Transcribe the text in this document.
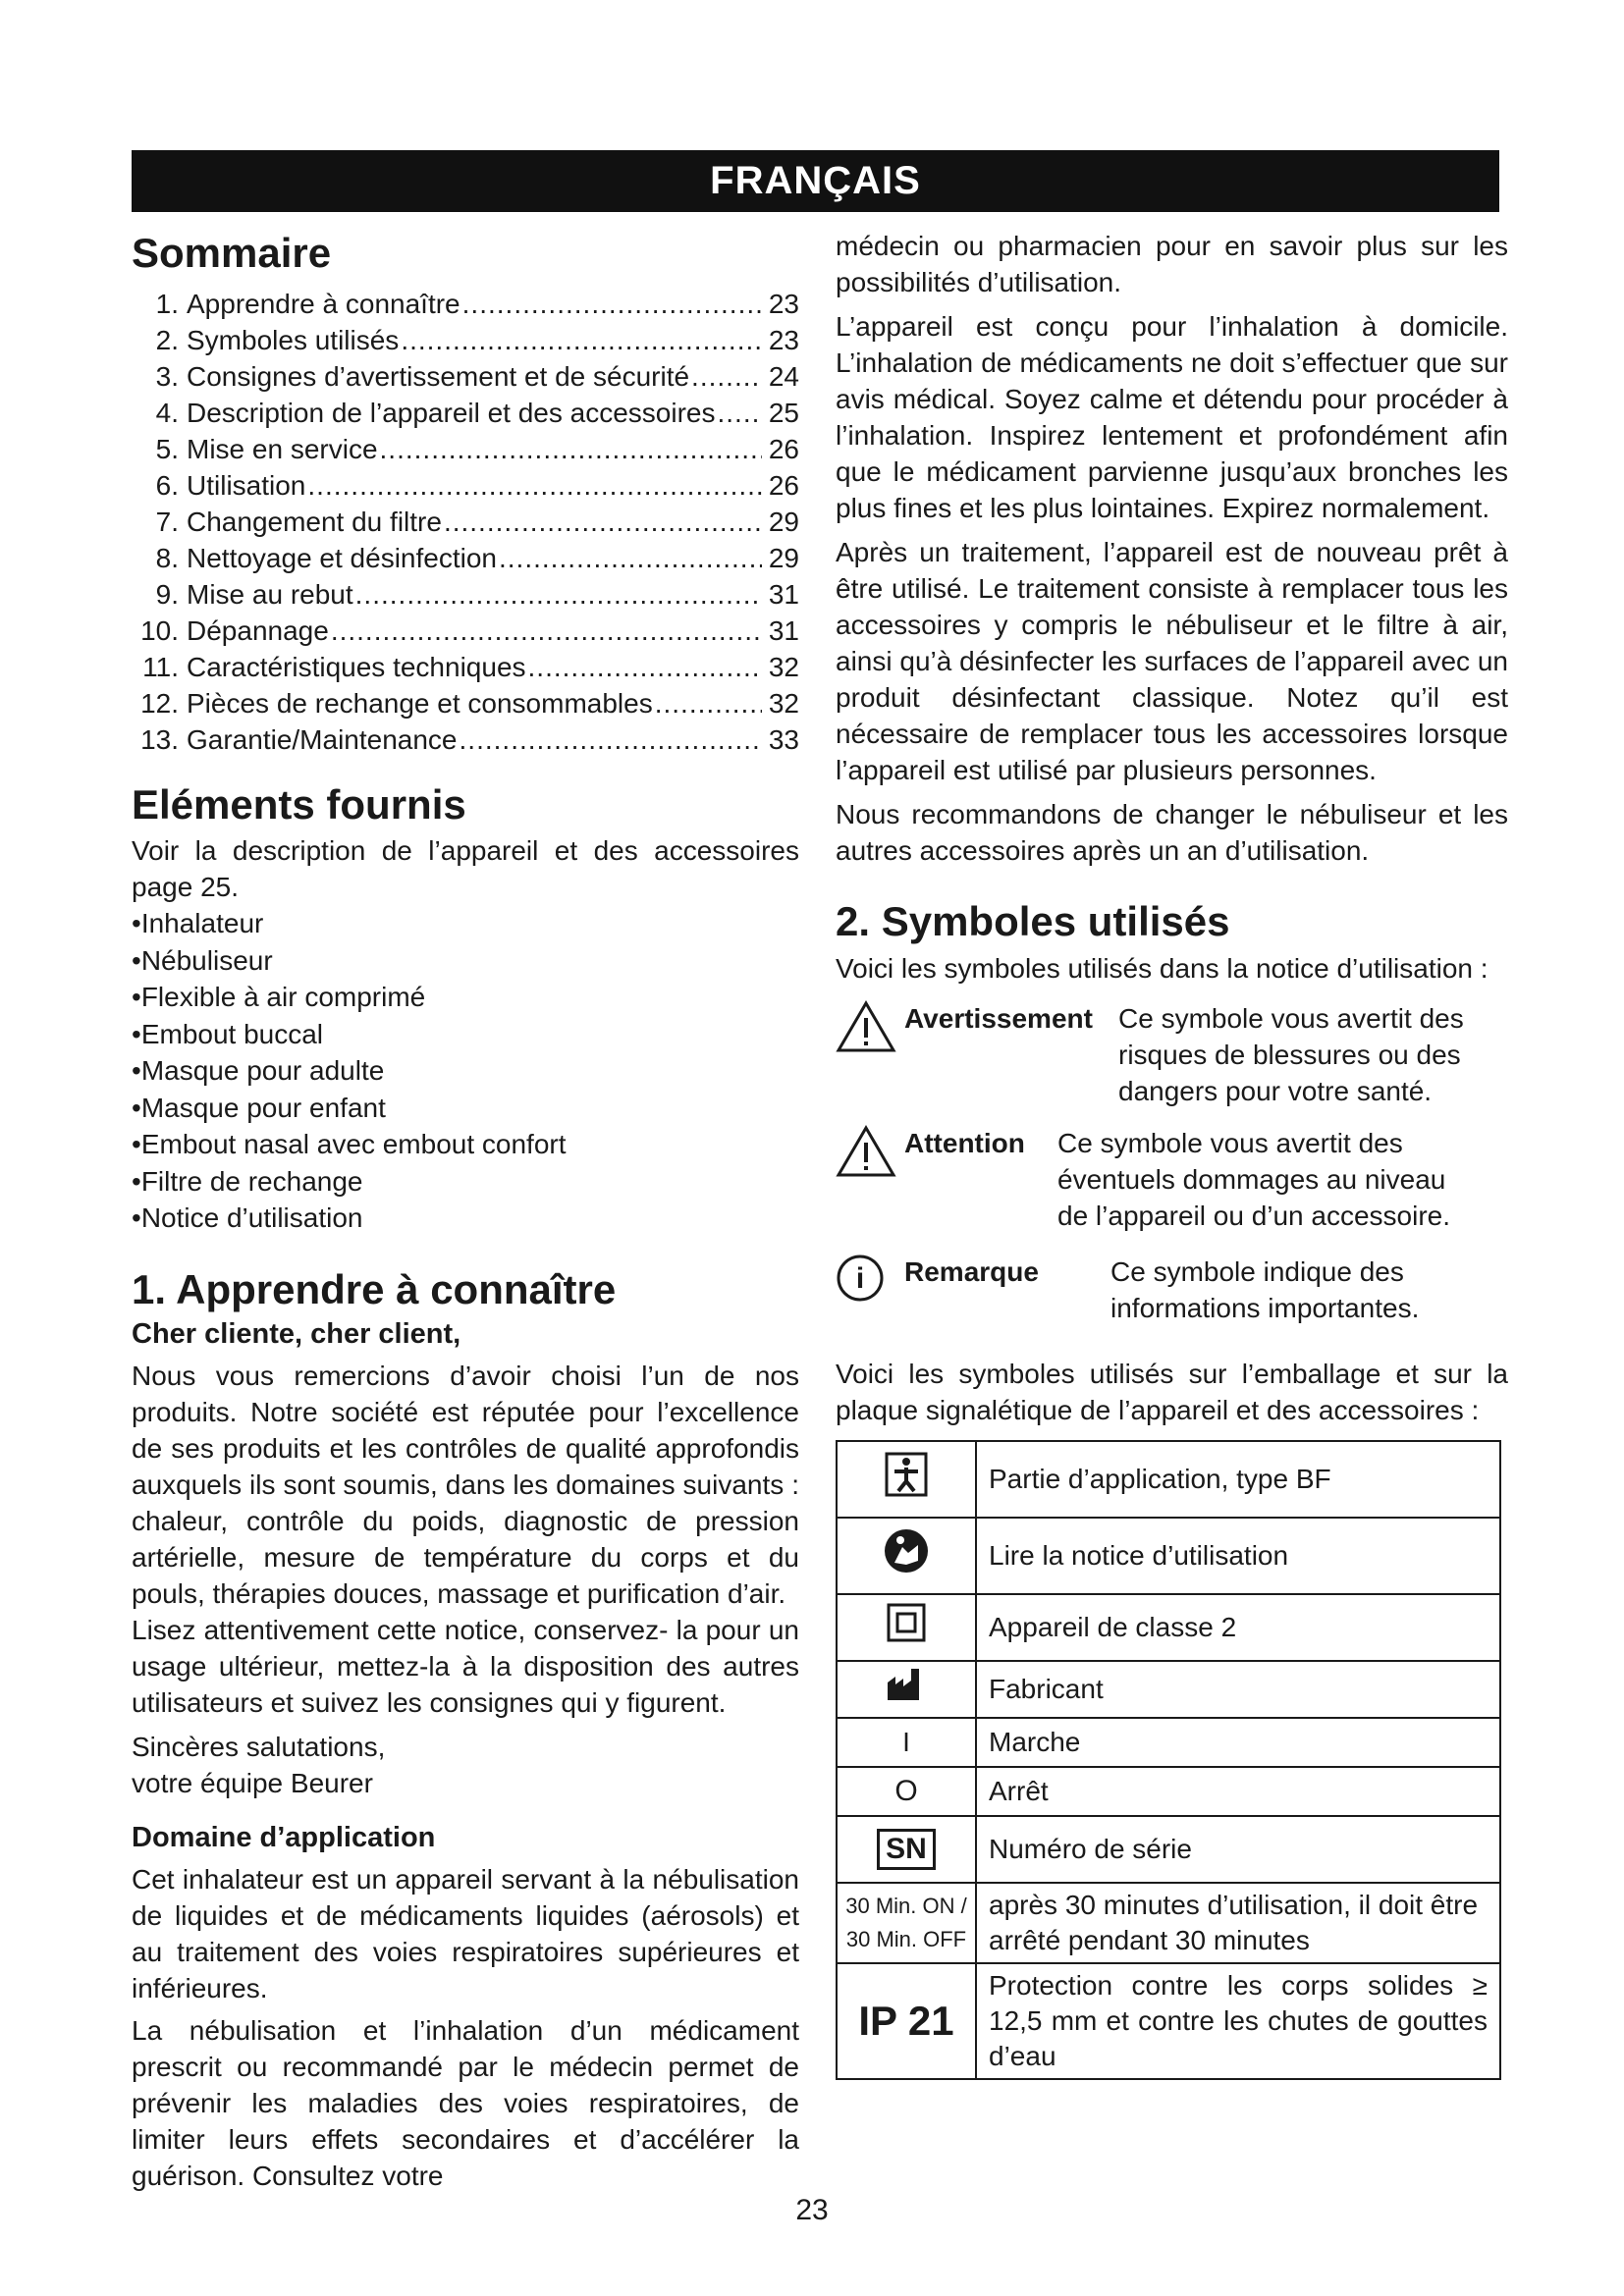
FRANÇAIS
Sommaire
1. Apprendre à connaître .....	23
2. Symboles utilisés .....	23
3. Consignes d’avertissement et de sécurité .....	24
4. Description de l’appareil et des accessoires ..... 25
5. Mise en service .....	26
6. Utilisation .....	26
7. Changement du filtre .....	29
8. Nettoyage et désinfection .....	29
9. Mise au rebut .....	31
10. Dépannage .....	31
11. Caractéristiques techniques .....	32
12. Pièces de rechange et consommables .....	32
13. Garantie/Maintenance .....	33
Eléments fournis

Voir la description de l’appareil et des accessoires page 25.

• Inhalateur
• Nébuliseur
• Flexible à air comprimé
• Embout buccal
• Masque pour adulte
• Masque pour enfant
• Embout nasal avec embout confort
• Filtre de rechange
• Notice d’utilisation
1. Apprendre à connaître
Cher cliente, cher client,

Nous vous remercions d’avoir choisi l’un de nos produits. Notre société est réputée pour l’excellence de ses produits et les contrôles de qualité approfondis auxquels ils sont soumis, dans les domaines suivants : chaleur, contrôle du poids, diagnostic de pression artérielle, mesure de température du corps et du pouls, thérapies douces, massage et purification d’air.

Lisez attentivement cette notice, conservez- la pour un usage ultérieur, mettez-la à la disposition des autres utilisateurs et suivez les consignes qui y figurent.

Sincères salutations,

votre équipe Beurer

Domaine d’application

Cet inhalateur est un appareil servant à la nébulisation de liquides et de médicaments liquides (aérosols) et au traitement des voies respiratoires supérieures et inférieures.

La nébulisation et l’inhalation d’un médicament prescrit ou recommandé par le médecin permet de prévenir les maladies des voies respiratoires, de limiter leurs effets secondaires et d’accélérer la guérison. Consultez votre

médecin ou pharmacien pour en savoir plus sur les possibilités d’utilisation.

L’appareil est conçu pour l’inhalation à domicile. L’inhalation de médicaments ne doit s’effectuer que sur avis médical. Soyez calme et détendu pour procéder à l’inhalation. Inspirez lentement et profondément afin que le médicament parvienne jusqu’aux bronches les plus fines et les plus lointaines. Expirez normalement.

Après un traitement, l’appareil est de nouveau prêt à être utilisé. Le traitement consiste à remplacer tous les accessoires y compris le nébuliseur et le filtre à air, ainsi qu’à désinfecter les surfaces de l’appareil avec un produit désinfectant classique. Notez qu’il est nécessaire de remplacer tous les accessoires lorsque l’appareil est utilisé par plusieurs personnes.

Nous recommandons de changer le nébuliseur et les autres accessoires après un an d’utilisation.

2. Symboles utilisés

Voici les symboles utilisés dans la notice d’utilisation :

Avertissement Ce symbole vous avertit des risques de blessures ou des dangers pour votre santé.
Attention	Ce symbole vous avertit des éventuels dommages au niveau de l’appareil ou d’un accessoire.
i Remarque	Ce symbole indique des informations importantes.

Voici les symboles utilisés sur l’emballage et sur la plaque signalétique de l’appareil et des accessoires :

	Partie d’application, type BF
	Lire la notice d’utilisation
	Appareil de classe 2
	Fabricant
I	Marche
O	Arrêt
SN	Numéro de série

30 Min. ON /
30 Min. OFF	après 30 minutes d’utilisation, il doit être arrêté pendant 30 minutes
IP 21	Protection contre les corps solides ≥ 12,5 mm et contre les chutes de gouttes d’eau
23
